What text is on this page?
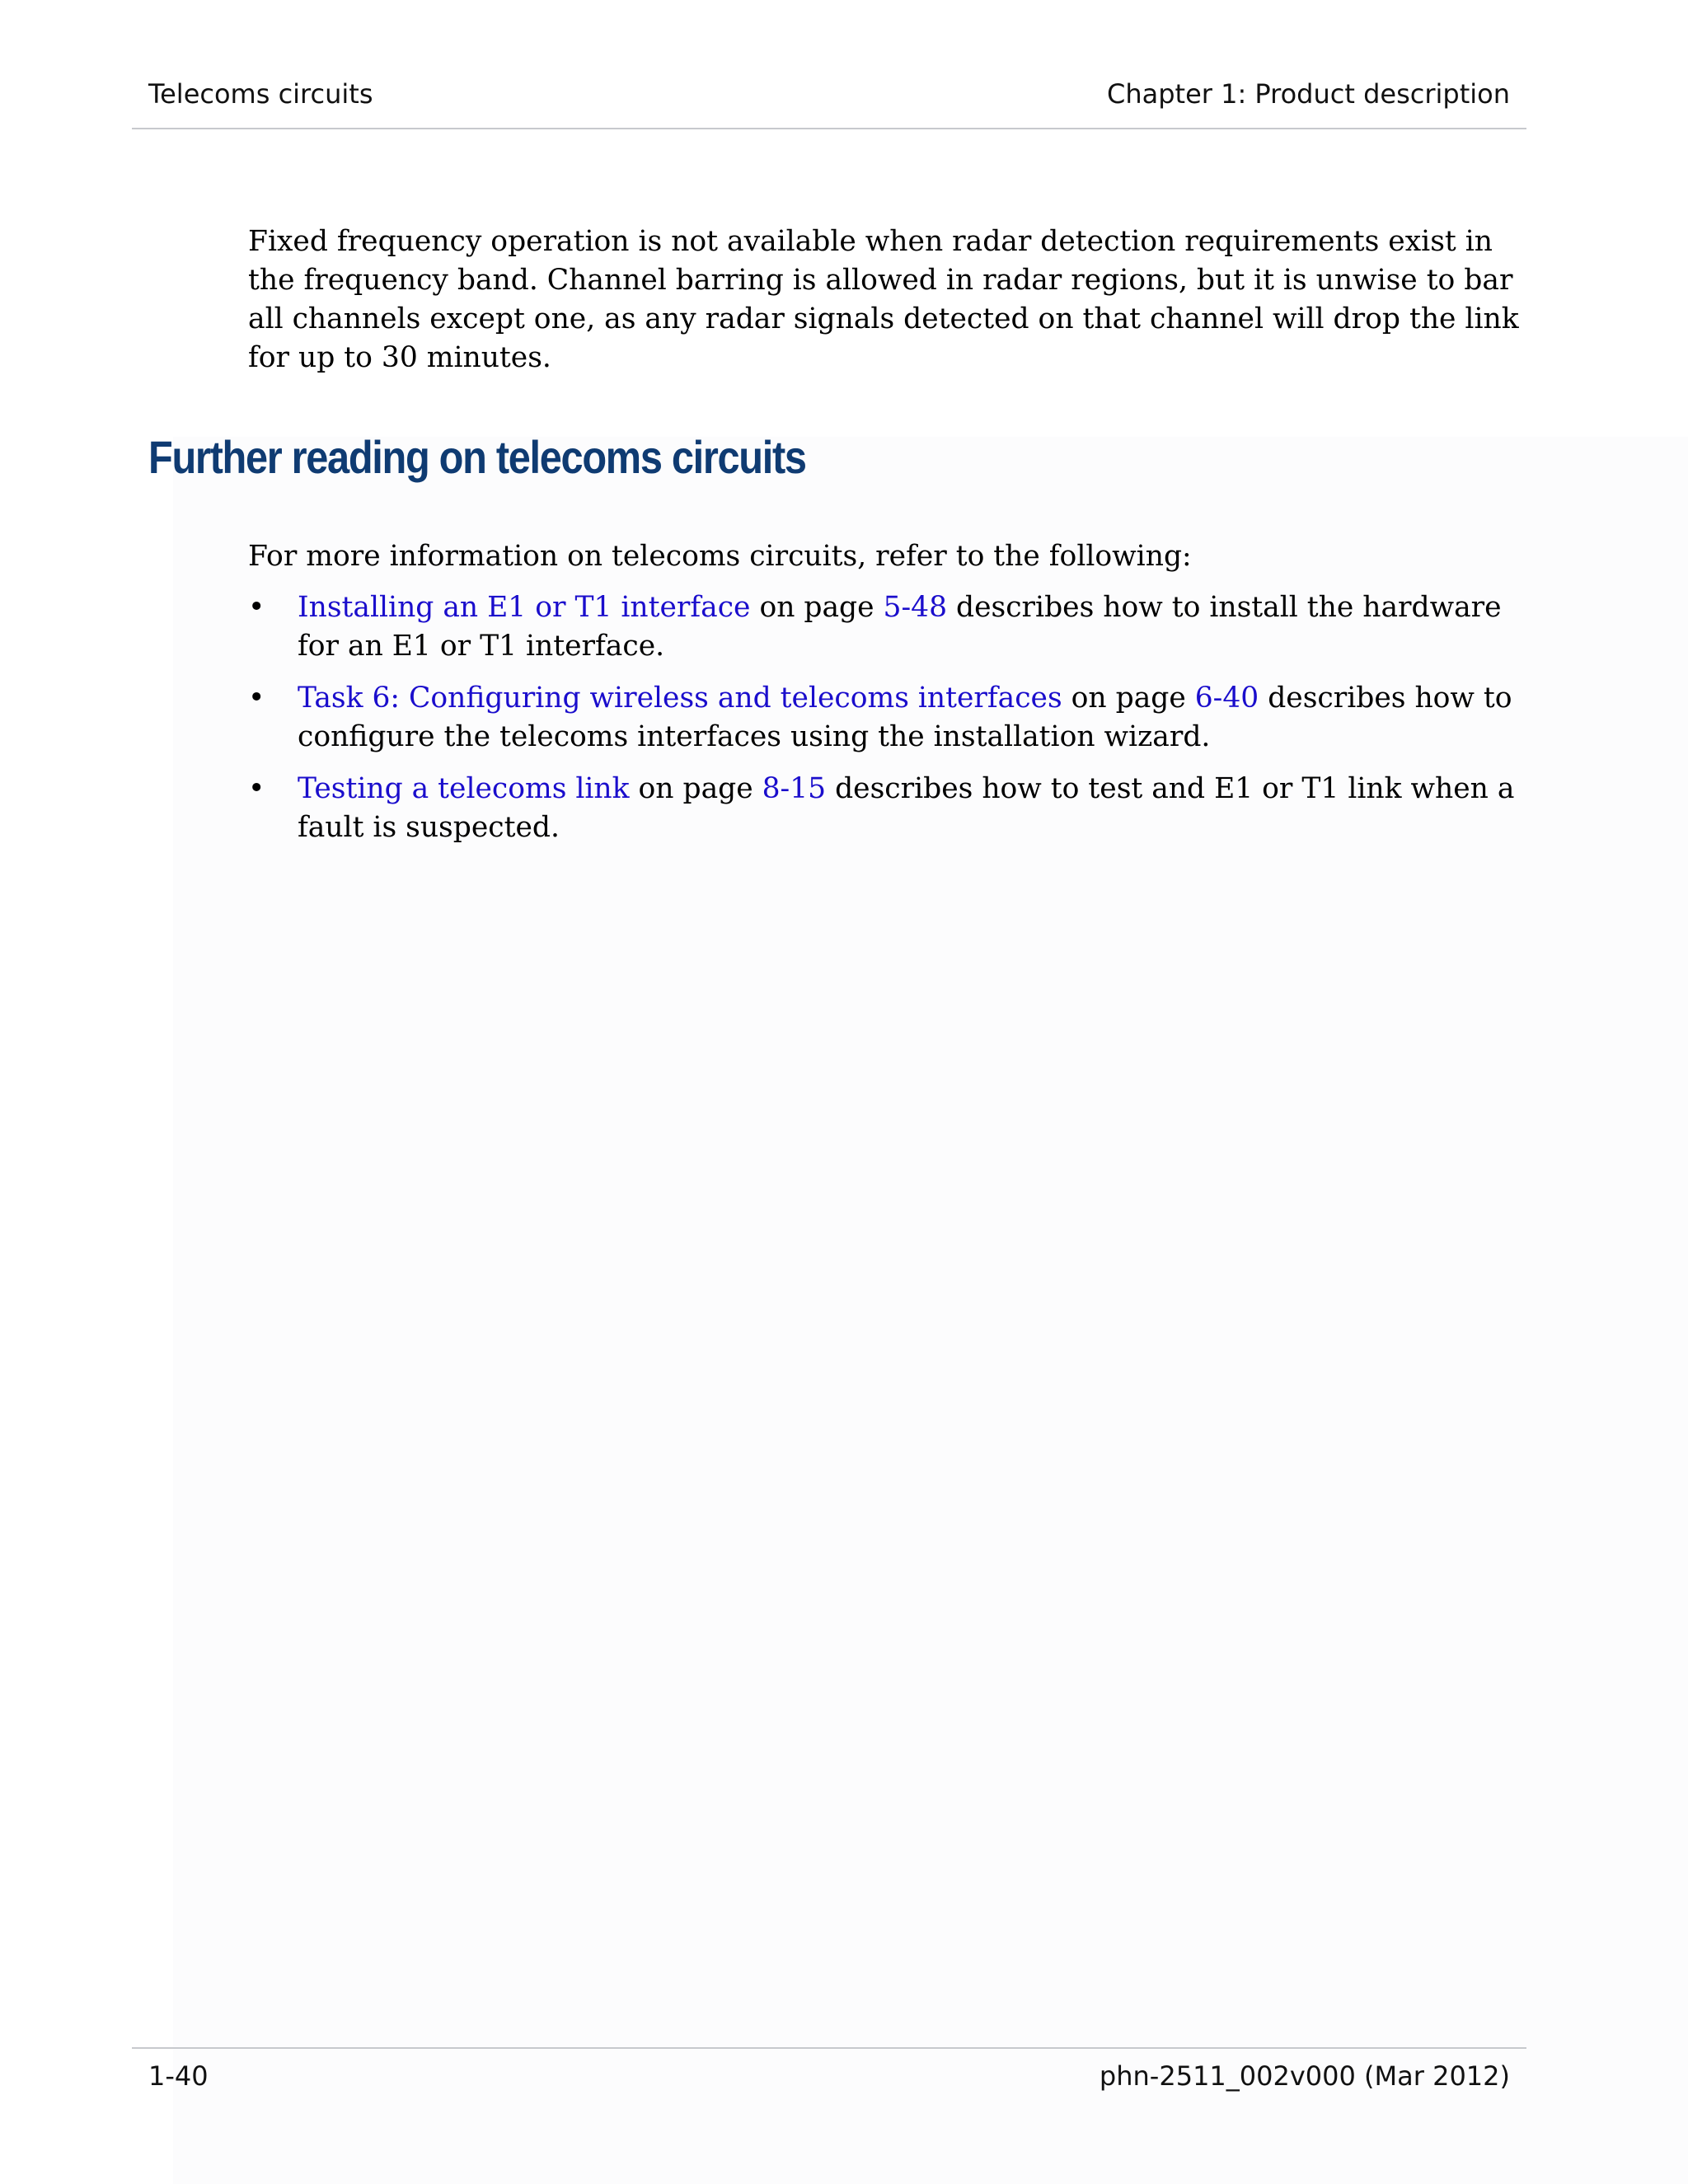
Telecoms circuits	Chapter 1: Product description

Fixed frequency operation is not available when radar detection requirements exist in the frequency band. Channel barring is allowed in radar regions, but it is unwise to bar all channels except one, as any radar signals detected on that channel will drop the link for up to 30 minutes.

Further reading on telecoms circuits

For more information on telecoms circuits, refer to the following:

• Installing an E1 or T1 interface on page 5-48 describes how to install the hardware for an E1 or T1 interface.
• Task 6: Configuring wireless and telecoms interfaces on page 6-40 describes how to configure the telecoms interfaces using the installation wizard.
• Testing a telecoms link on page 8-15 describes how to test and E1 or T1 link when a fault is suspected.
1-40	phn-2511_002v000 (Mar 2012)
